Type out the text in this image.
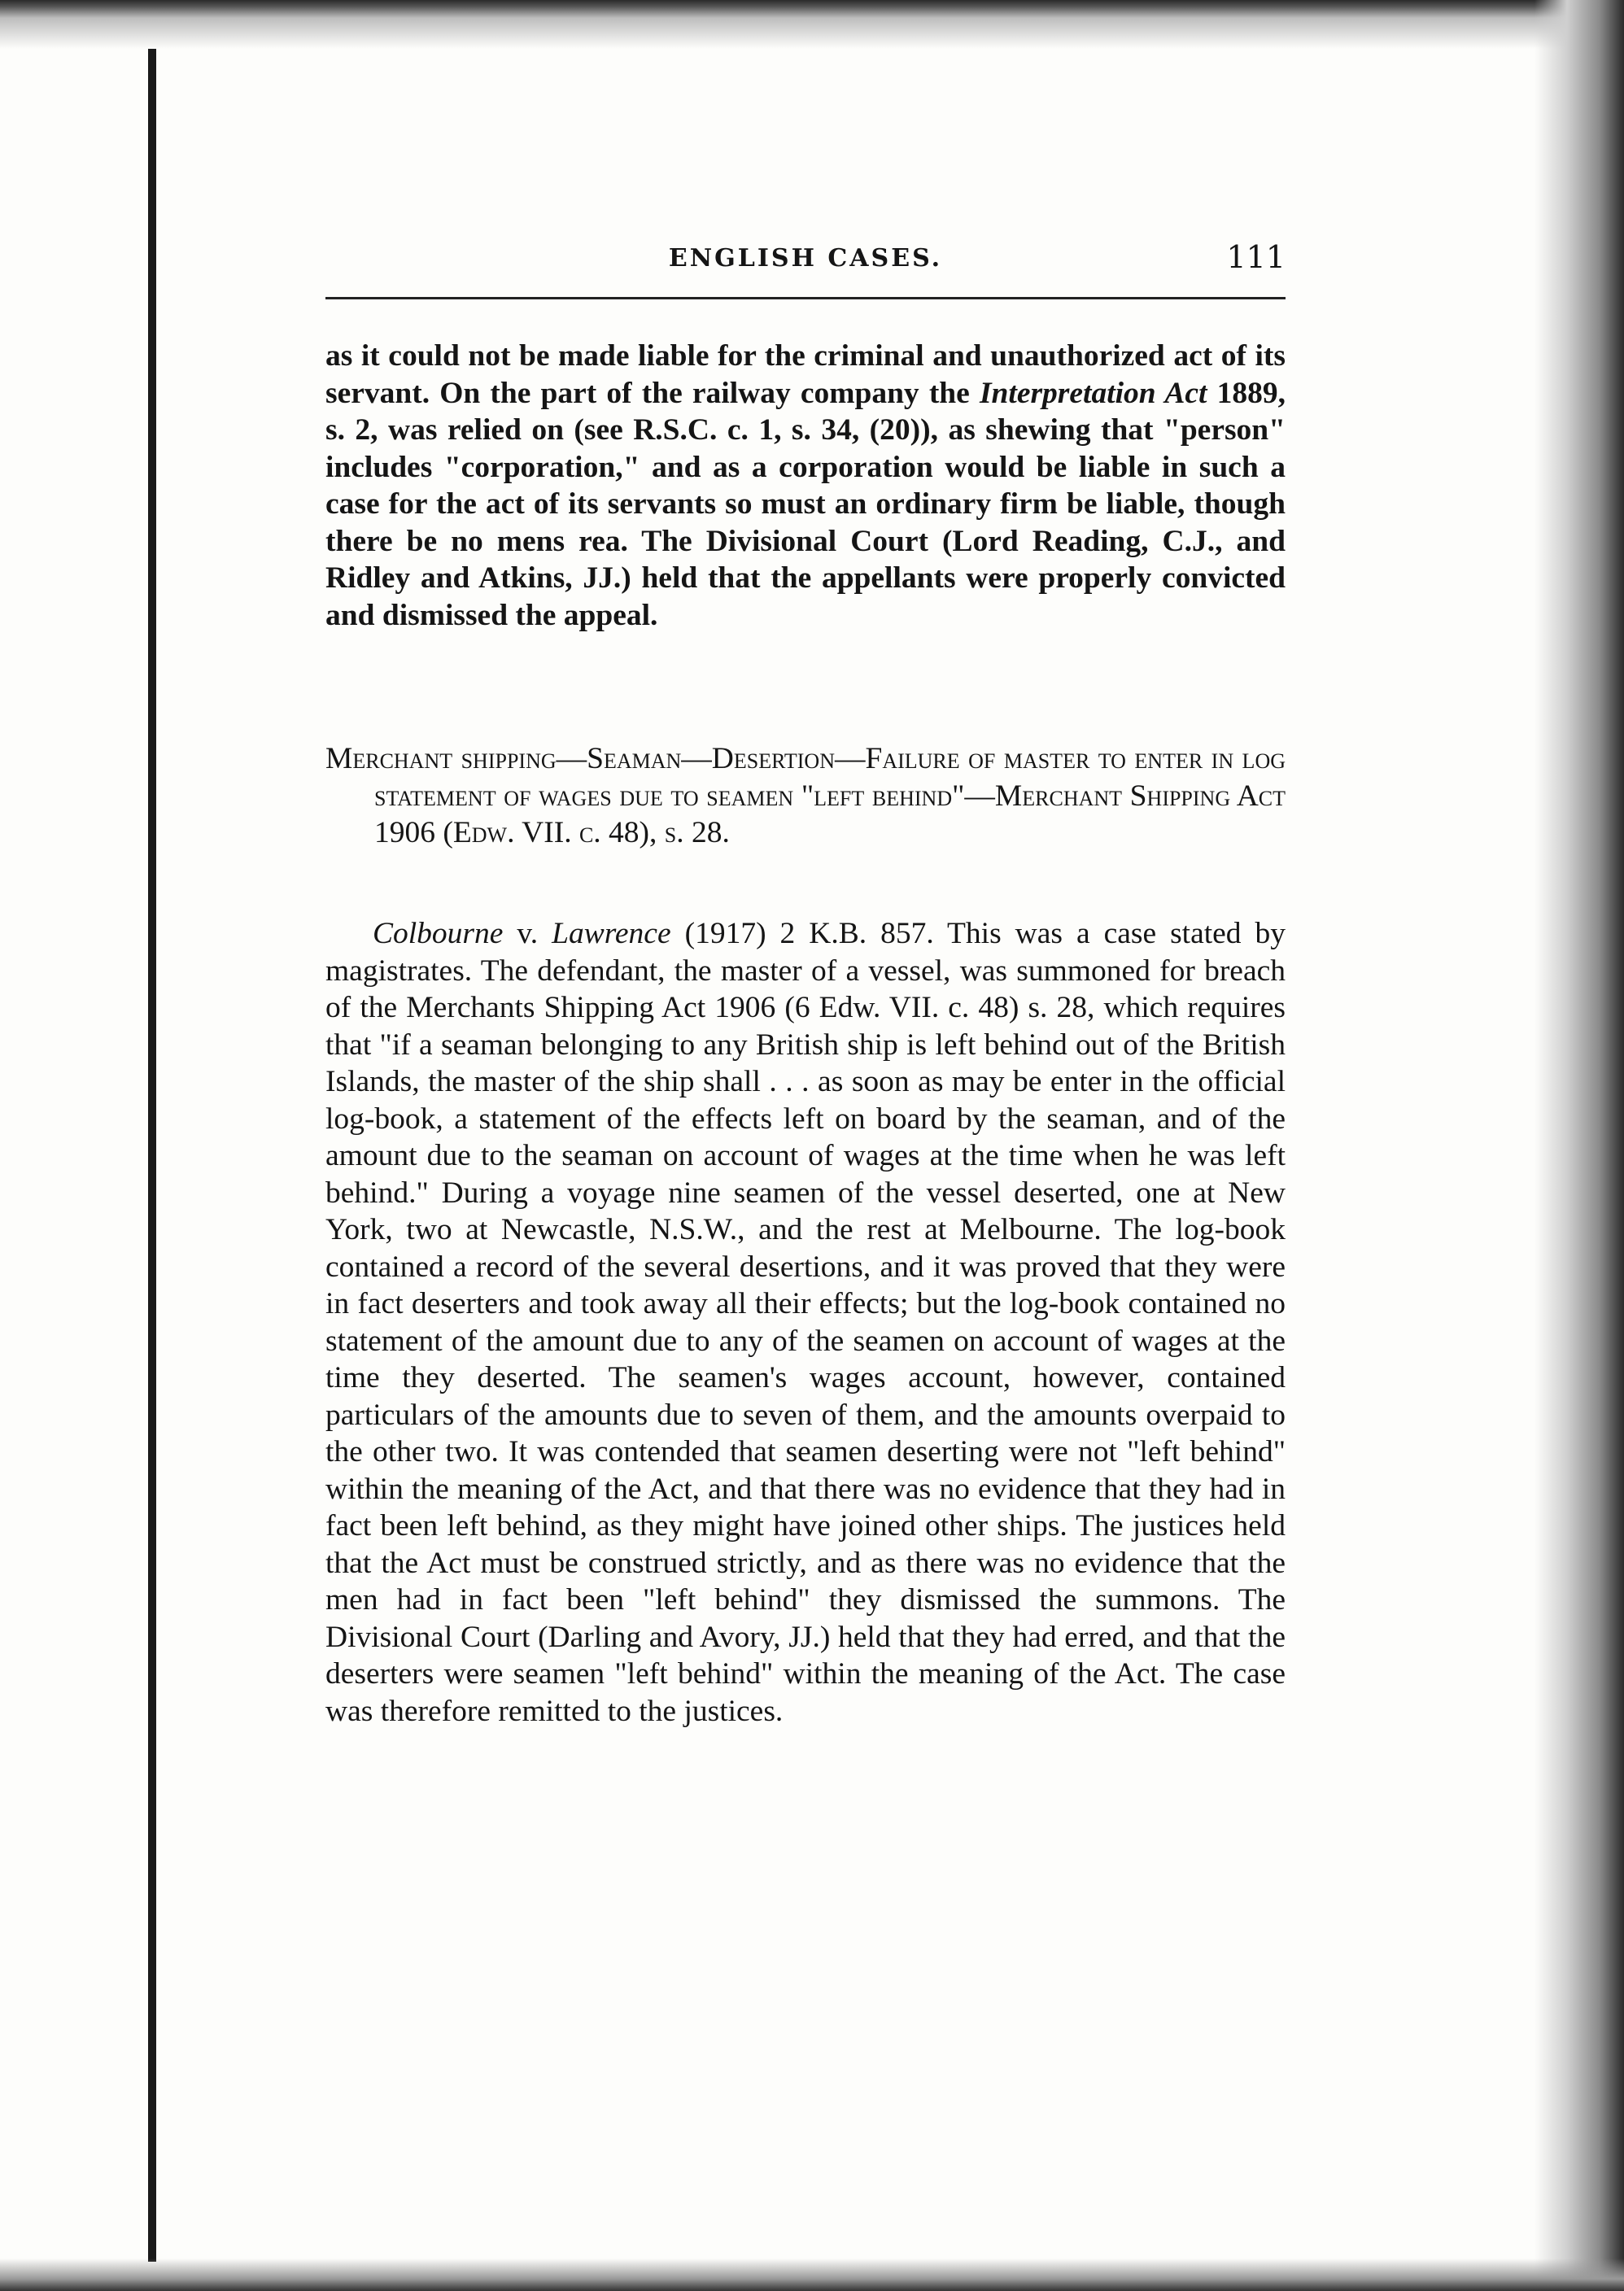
ENGLISH CASES.	111
as it could not be made liable for the criminal and unauthorized act of its servant. On the part of the railway company the Interpretation Act 1889, s. 2, was relied on (see R.S.C. c. 1, s. 34, (20)), as shewing that "person" includes "corporation," and as a corporation would be liable in such a case for the act of its servants so must an ordinary firm be liable, though there be no mens rea. The Divisional Court (Lord Reading, C.J., and Ridley and Atkins, JJ.) held that the appellants were properly convicted and dismissed the appeal.
Merchant shipping—Seaman—Desertion—Failure of master to enter in log statement of wages due to seamen "left behind"—Merchant Shipping Act 1906 (Edw. VII. c. 48), s. 28.
Colbourne v. Lawrence (1917) 2 K.B. 857. This was a case stated by magistrates. The defendant, the master of a vessel, was summoned for breach of the Merchants Shipping Act 1906 (6 Edw. VII. c. 48) s. 28, which requires that "if a seaman belonging to any British ship is left behind out of the British Islands, the master of the ship shall . . . as soon as may be enter in the official log-book, a statement of the effects left on board by the seaman, and of the amount due to the seaman on account of wages at the time when he was left behind." During a voyage nine seamen of the vessel deserted, one at New York, two at Newcastle, N.S.W., and the rest at Melbourne. The log-book contained a record of the several desertions, and it was proved that they were in fact deserters and took away all their effects; but the log-book contained no statement of the amount due to any of the seamen on account of wages at the time they deserted. The seamen's wages account, however, contained particulars of the amounts due to seven of them, and the amounts overpaid to the other two. It was contended that seamen deserting were not "left behind" within the meaning of the Act, and that there was no evidence that they had in fact been left behind, as they might have joined other ships. The justices held that the Act must be construed strictly, and as there was no evidence that the men had in fact been "left behind" they dismissed the summons. The Divisional Court (Darling and Avory, JJ.) held that they had erred, and that the deserters were seamen "left behind" within the meaning of the Act. The case was therefore remitted to the justices.
